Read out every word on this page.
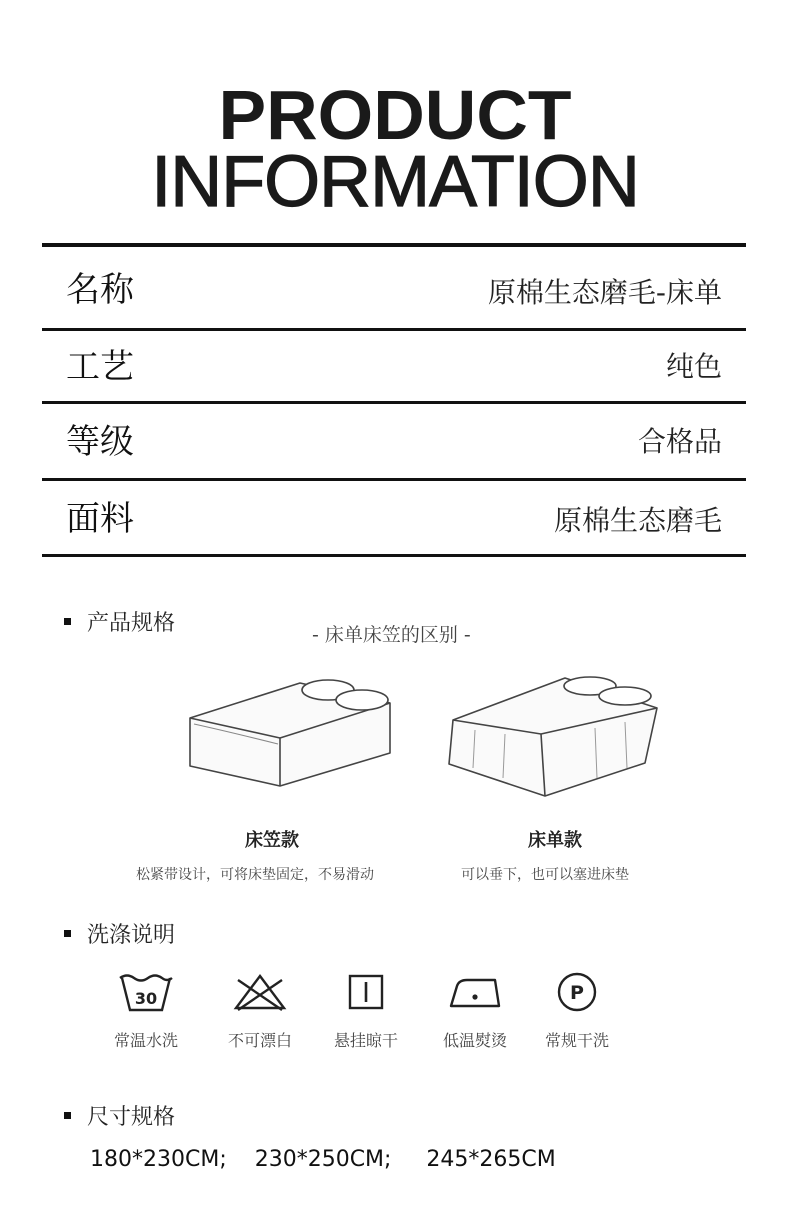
PRODUCT
INFORMATION
名称	原棉生态磨毛-床单
工艺	纯色
等级	合格品
面料	原棉生态磨毛
产品规格	- 床单床笠的区别 -
床笠款
松紧带设计，可将床垫固定，不易滑动
床单款
可以垂下，也可以塞进床垫
洗涤说明
30
常温水洗	不可漂白	悬挂晾干	低温熨烫
P
常规干洗
尺寸规格
180*230CM;    230*250CM;     245*265CM
